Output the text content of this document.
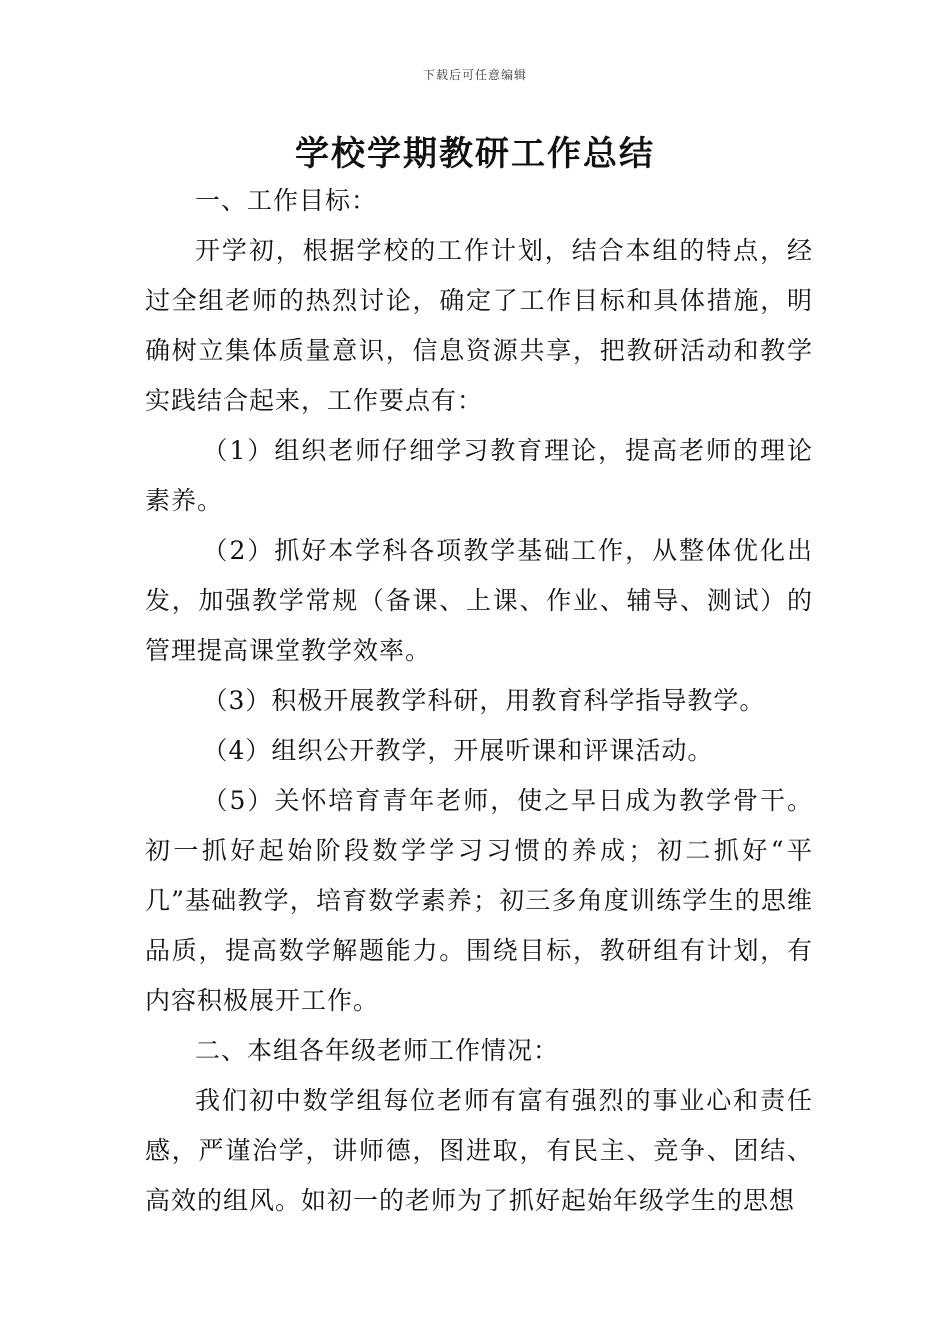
下载后可任意编辑
学校学期教研工作总结

一、工作目标：

开学初，根据学校的工作计划，结合本组的特点，经过全组老师的热烈讨论，确定了工作目标和具体措施，明确树立集体质量意识，信息资源共享，把教研活动和教学实践结合起来，工作要点有：

（1）组织老师仔细学习教育理论，提高老师的理论素养。

（2）抓好本学科各项教学基础工作，从整体优化出发，加强教学常规（备课、上课、作业、辅导、测试）的管理提高课堂教学效率。

（3）积极开展教学科研，用教育科学指导教学。

（4）组织公开教学，开展听课和评课活动。

（5）关怀培育青年老师，使之早日成为教学骨干。初一抓好起始阶段数学学习习惯的养成；初二抓好“平几”基础教学，培育数学素养；初三多角度训练学生的思维品质，提高数学解题能力。围绕目标，教研组有计划，有内容积极展开工作。

二、本组各年级老师工作情况：

我们初中数学组每位老师有富有强烈的事业心和责任感，严谨治学，讲师德，图进取，有民主、竞争、团结、高效的组风。如初一的老师为了抓好起始年级学生的思想
